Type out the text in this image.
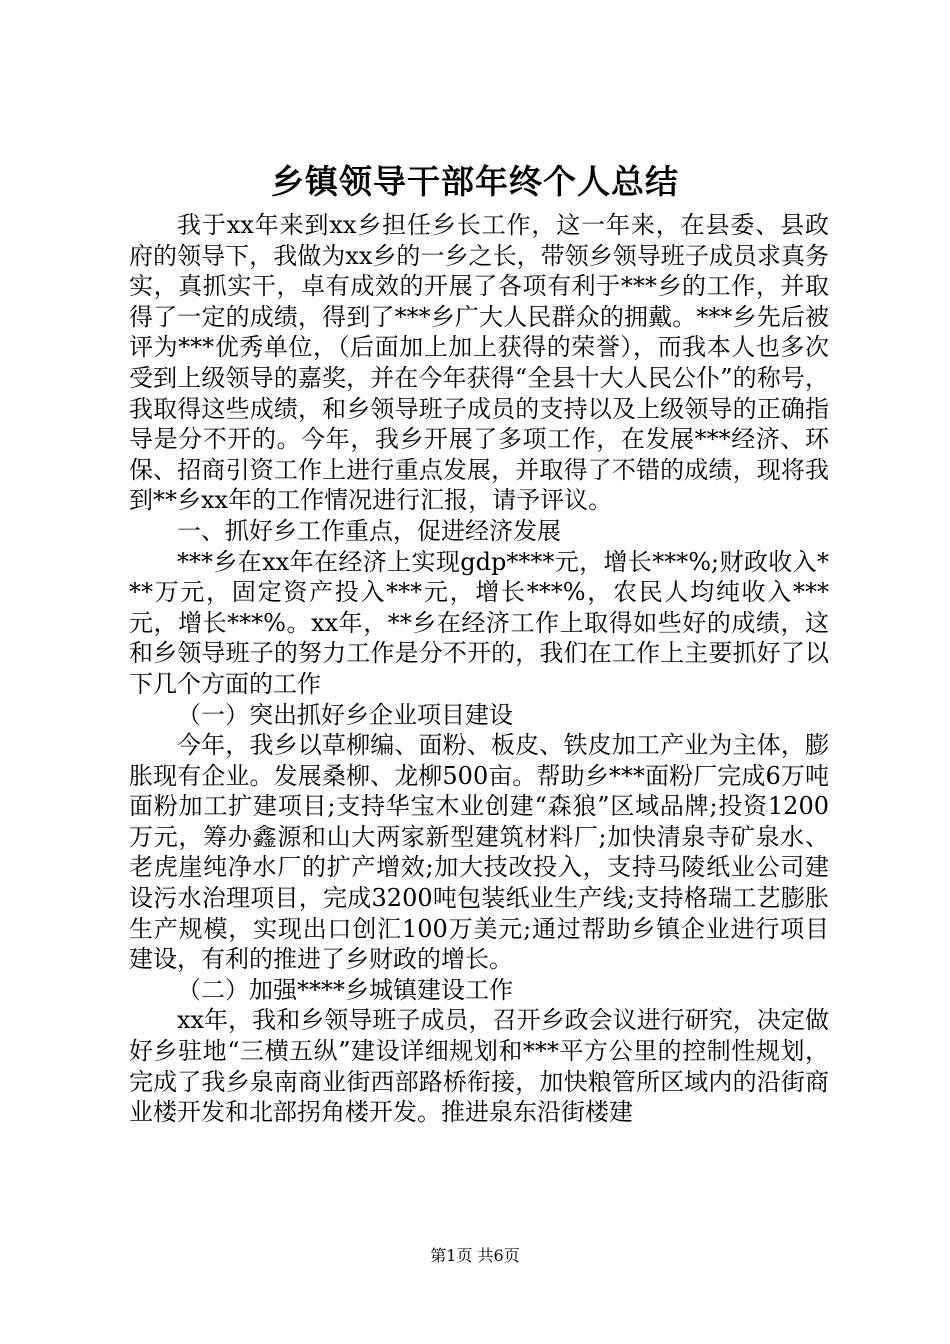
乡镇领导干部年终个人总结

我于xx年来到xx乡担任乡长工作，这一年来，在县委、县政府的领导下，我做为xx乡的一乡之长，带领乡领导班子成员求真务实，真抓实干，卓有成效的开展了各项有利于***乡的工作，并取得了一定的成绩，得到了***乡广大人民群众的拥戴。***乡先后被评为***优秀单位，（后面加上加上获得的荣誉），而我本人也多次受到上级领导的嘉奖，并在今年获得“全县十大人民公仆”的称号，我取得这些成绩，和乡领导班子成员的支持以及上级领导的正确指导是分不开的。今年，我乡开展了多项工作，在发展***经济、环保、招商引资工作上进行重点发展，并取得了不错的成绩，现将我到**乡xx年的工作情况进行汇报，请予评议。

一、抓好乡工作重点，促进经济发展

***乡在xx年在经济上实现gdp****元，增长***%;财政收入***万元，固定资产投入***元，增长***%，农民人均纯收入***元，增长***%。xx年，**乡在经济工作上取得如些好的成绩，这和乡领导班子的努力工作是分不开的，我们在工作上主要抓好了以下几个方面的工作

（一）突出抓好乡企业项目建设

今年，我乡以草柳编、面粉、板皮、铁皮加工产业为主体，膨胀现有企业。发展桑柳、龙柳500亩。帮助乡***面粉厂完成6万吨面粉加工扩建项目;支持华宝木业创建“森狼”区域品牌;投资1200万元，筹办鑫源和山大两家新型建筑材料厂;加快清泉寺矿泉水、老虎崖纯净水厂的扩产增效;加大技改投入，支持马陵纸业公司建设污水治理项目，完成3200吨包装纸业生产线;支持格瑞工艺膨胀生产规模，实现出口创汇100万美元;通过帮助乡镇企业进行项目建设，有利的推进了乡财政的增长。

（二）加强****乡城镇建设工作

xx年，我和乡领导班子成员，召开乡政会议进行研究，决定做好乡驻地“三横五纵”建设详细规划和***平方公里的控制性规划，完成了我乡泉南商业街西部路桥衔接，加快粮管所区域内的沿街商业楼开发和北部拐角楼开发。推进泉东沿街楼建

第1页 共6页
